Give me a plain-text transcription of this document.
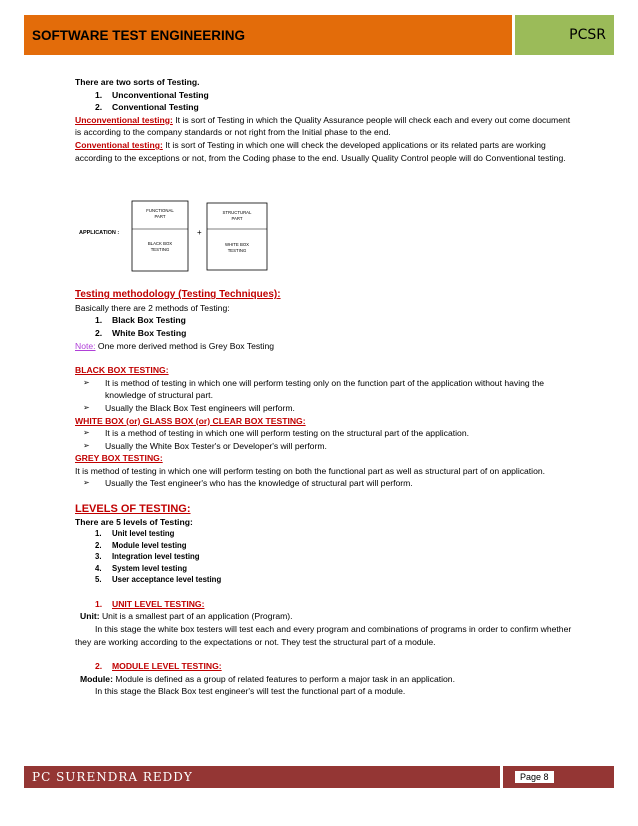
SOFTWARE TEST ENGINEERING	PCSR
There are two sorts of Testing.
1. Unconventional Testing
2. Conventional Testing
Unconventional testing: It is sort of Testing in which the Quality Assurance people will check each and every out come document is according to the company standards or not right from the Initial phase to the end.
Conventional testing: It is sort of Testing in which one will check the developed applications or its related parts are working according to the exceptions or not, from the Coding phase to the end. Usually Quality Control people will do Conventional testing.
APPLICATION :
FUNCTIONAL
PART
BLACK BOX
TESTING
+
STRUCTURAL
PART
WHITE BOX
TESTING
Testing methodology (Testing Techniques):
Basically there are 2 methods of Testing:
1. Black Box Testing
2. White Box Testing
Note: One more derived method is Grey Box Testing
BLACK BOX TESTING:
➢	It is method of testing in which one will perform testing only on the function part of the application without having the knowledge of structural part.
➢	Usually the Black Box Test engineers will perform.
WHITE BOX (or) GLASS BOX (or) CLEAR BOX TESTING:
➢	It is a method of testing in which one will perform testing on the structural part of the application.
➢	Usually the White Box Tester's or Developer's will perform.
GREY BOX TESTING:
It is method of testing in which one will perform testing on both the functional part as well as structural part of on application.
➢	Usually the Test engineer's who has the knowledge of structural part will perform.
LEVELS OF TESTING:
There are 5 levels of Testing:
1. Unit level testing
2. Module level testing
3. Integration level testing
4. System level testing
5. User acceptance level testing
1. UNIT LEVEL TESTING:
Unit: Unit is a smallest part of an application (Program).
In this stage the white box testers will test each and every program and combinations of programs in order to confirm whether they are working according to the expectations or not. They test the structural part of a module.
2. MODULE LEVEL TESTING:
Module: Module is defined as a group of related features to perform a major task in an application.
In this stage the Black Box test engineer's will test the functional part of a module.
PC SURENDRA REDDY	Page 8
